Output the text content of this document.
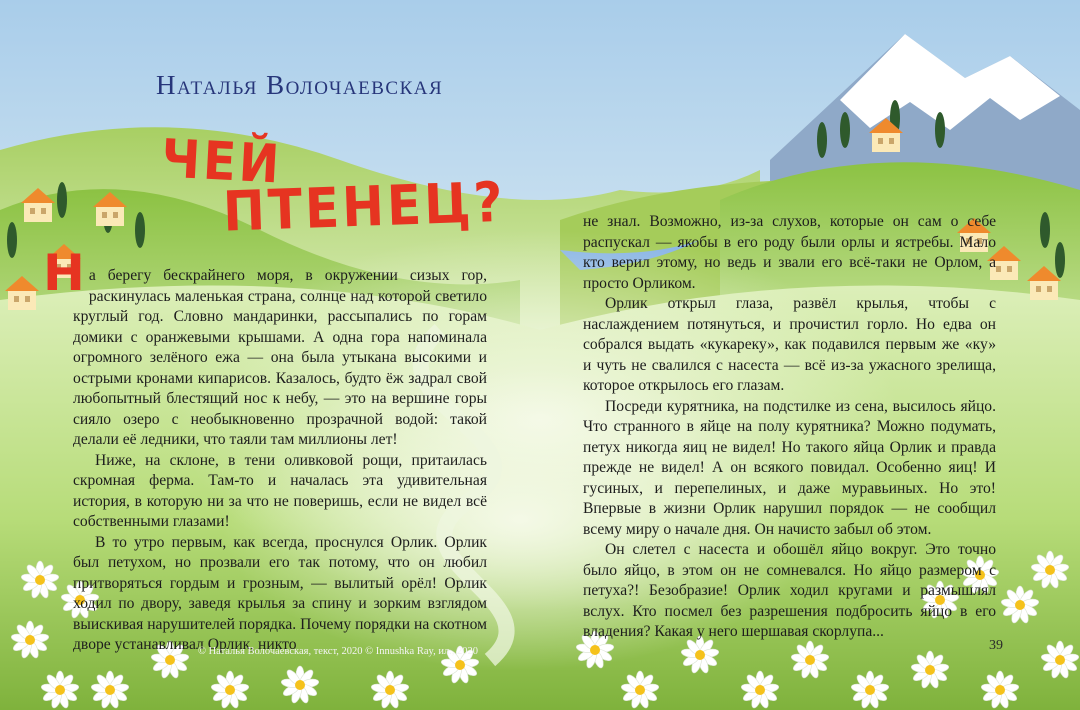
Наталья Волочаевская
ЧЕЙ
ПТЕНЕЦ?
Н а берегу бескрайнего моря, в окружении сизых гор, раскинулась маленькая страна, солнце над которой светило круглый год. Словно мандаринки, рассыпались по горам домики с оранжевыми крышами. А одна гора напоминала огромного зелёного ежа — она была утыкана высокими и острыми кронами кипарисов. Казалось, будто ёж задрал свой любопытный блестящий нос к небу, — это на вершине горы сияло озеро с необыкновенно прозрачной водой: такой делали её ледники, что таяли там миллионы лет!

Ниже, на склоне, в тени оливковой рощи, притаилась скромная ферма. Там-то и началась эта удивительная история, в которую ни за что не поверишь, если не видел всё собственными глазами!

В то утро первым, как всегда, проснулся Орлик. Орлик был петухом, но прозвали его так потому, что он любил притворяться гордым и грозным, — вылитый орёл! Орлик ходил по двору, заведя крылья за спину и зорким взглядом выискивая нарушителей порядка. Почему порядки на скотном дворе устанавливал Орлик, никто

не знал. Возможно, из-за слухов, которые он сам о себе распускал — якобы в его роду были орлы и ястребы. Мало кто верил этому, но ведь и звали его всё-таки не Орлом, а просто Орликом.

Орлик открыл глаза, развёл крылья, чтобы с наслаждением потянуться, и прочистил горло. Но едва он собрался выдать «кукареку», как подавился первым же «ку» и чуть не свалился с насеста — всё из-за ужасного зрелища, которое открылось его глазам.

Посреди курятника, на подстилке из сена, высилось яйцо. Что странного в яйце на полу курятника? Можно подумать, петух никогда яиц не видел! Но такого яйца Орлик и правда прежде не видел! А он всякого повидал. Особенно яиц! И гусиных, и перепелиных, и даже муравьиных. Но это! Впервые в жизни Орлик нарушил порядок — не сообщил всему миру о начале дня. Он начисто забыл об этом.

Он слетел с насеста и обошёл яйцо вокруг. Это точно было яйцо, в этом он не сомневался. Но яйцо размером с петуха?! Безобразие! Орлик ходил кругами и размышлял вслух. Кто посмел без разрешения подбросить яйцо в его владения? Какая у него шершавая скорлупа...

© Наталья Волочаевская, текст, 2020 © Innushka Ray, ил., 2020	39
